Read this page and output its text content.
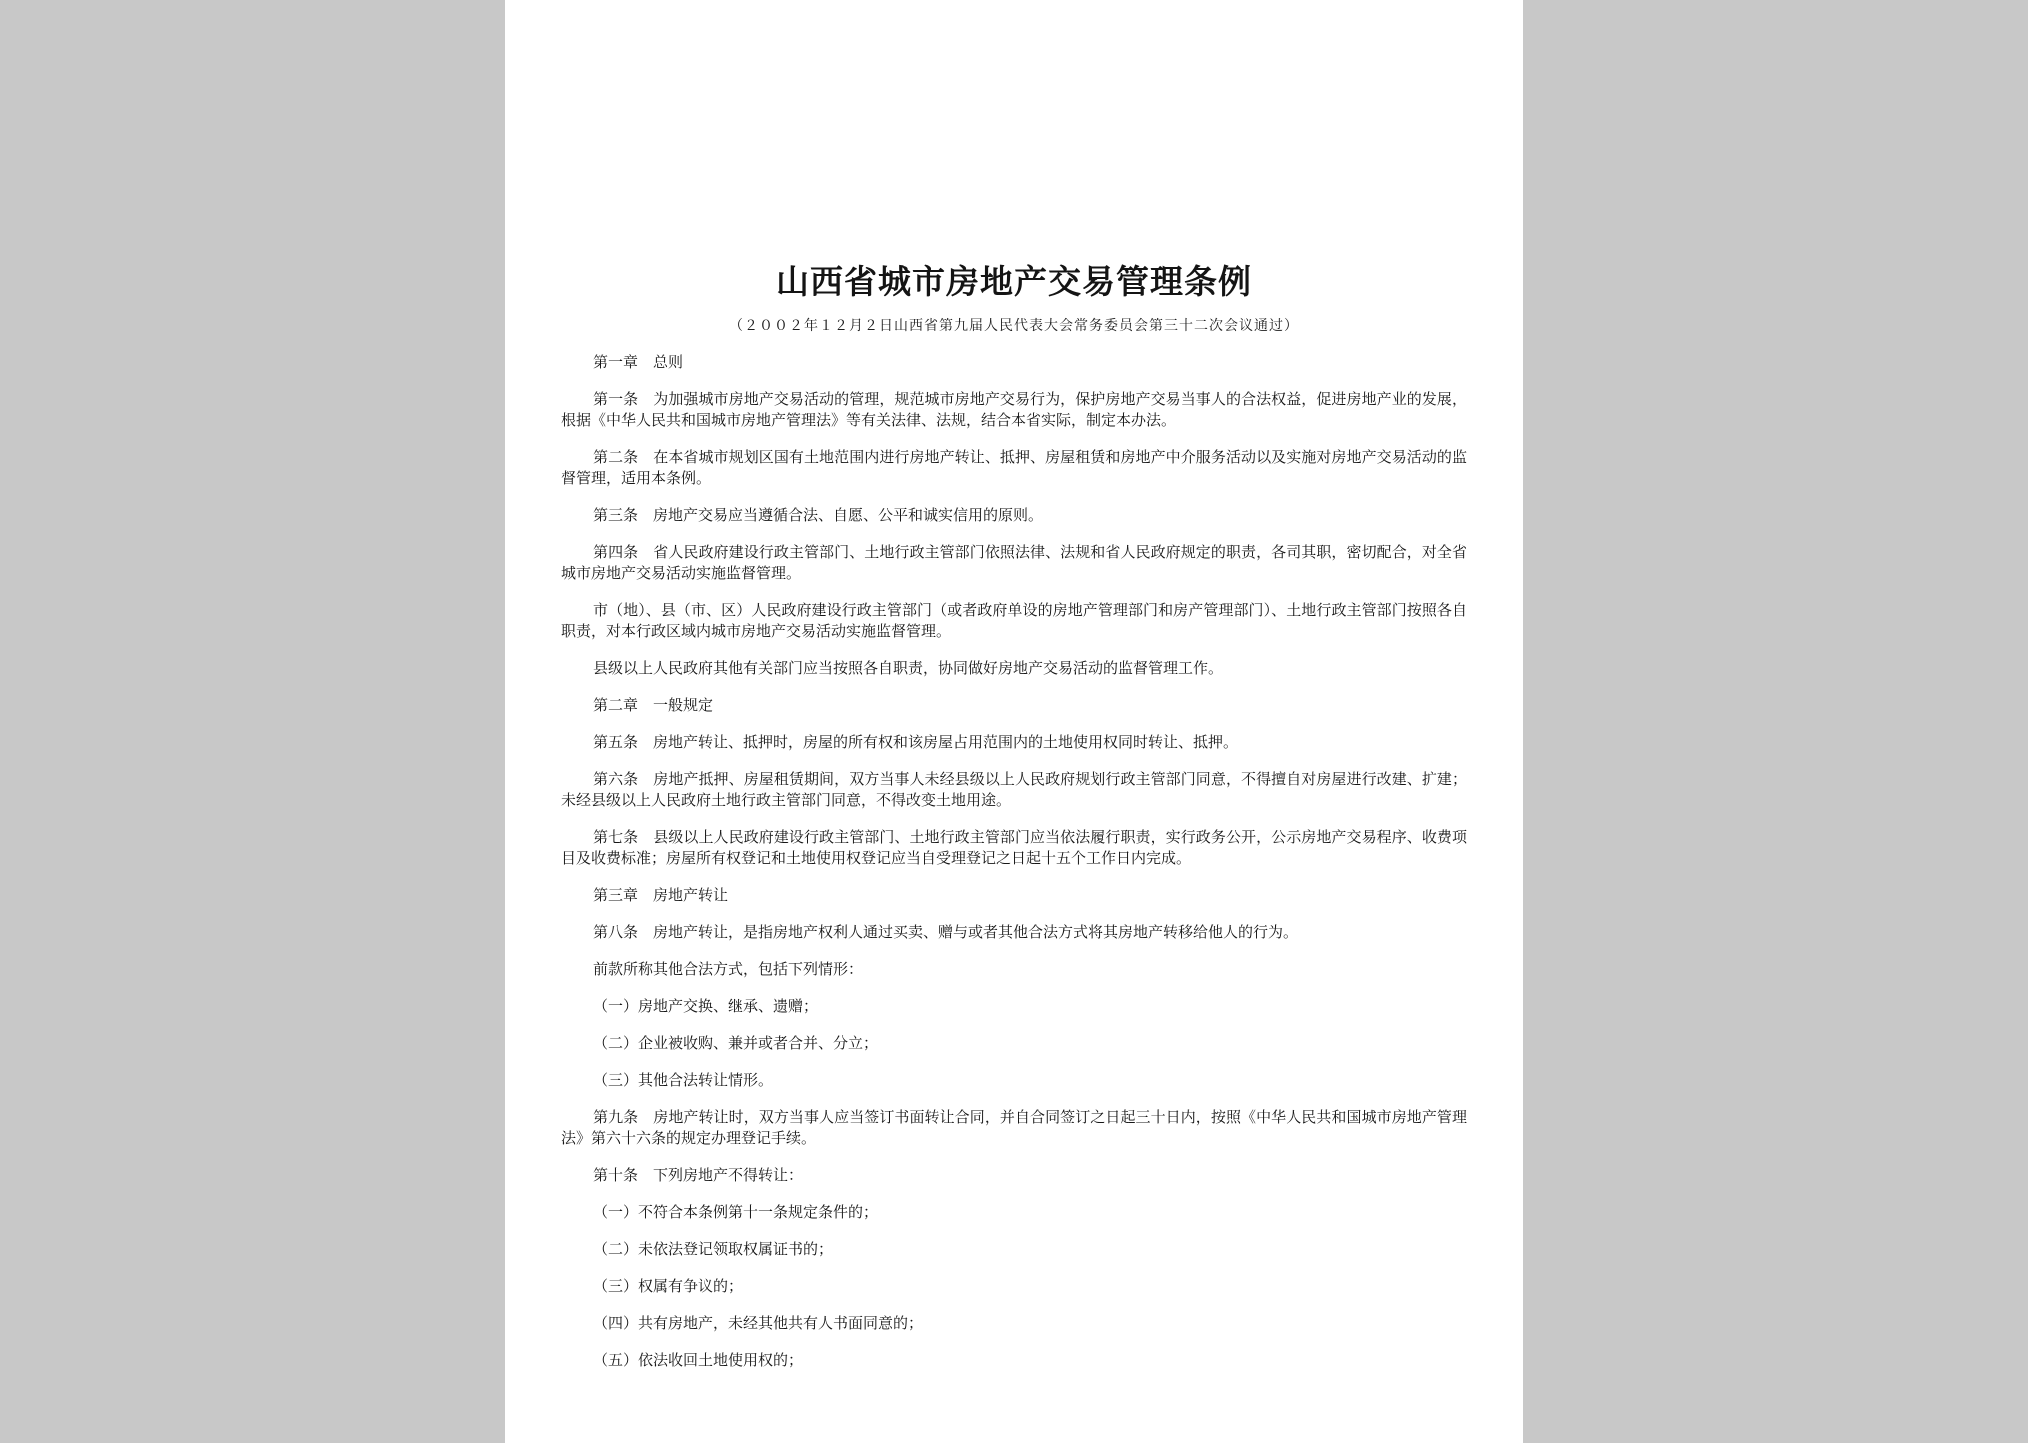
山西省城市房地产交易管理条例
（２００２年１２月２日山西省第九届人民代表大会常务委员会第三十二次会议通过）

第一章　总则

第一条　为加强城市房地产交易活动的管理，规范城市房地产交易行为，保护房地产交易当事人的合法权益，促进房地产业的发展，根据《中华人民共和国城市房地产管理法》等有关法律、法规，结合本省实际，制定本办法。

第二条　在本省城市规划区国有土地范围内进行房地产转让、抵押、房屋租赁和房地产中介服务活动以及实施对房地产交易活动的监督管理，适用本条例。

第三条　房地产交易应当遵循合法、自愿、公平和诚实信用的原则。

第四条　省人民政府建设行政主管部门、土地行政主管部门依照法律、法规和省人民政府规定的职责，各司其职，密切配合，对全省城市房地产交易活动实施监督管理。

市（地）、县（市、区）人民政府建设行政主管部门（或者政府单设的房地产管理部门和房产管理部门）、土地行政主管部门按照各自职责，对本行政区域内城市房地产交易活动实施监督管理。

县级以上人民政府其他有关部门应当按照各自职责，协同做好房地产交易活动的监督管理工作。

第二章　一般规定

第五条　房地产转让、抵押时，房屋的所有权和该房屋占用范围内的土地使用权同时转让、抵押。

第六条　房地产抵押、房屋租赁期间，双方当事人未经县级以上人民政府规划行政主管部门同意，不得擅自对房屋进行改建、扩建；未经县级以上人民政府土地行政主管部门同意，不得改变土地用途。

第七条　县级以上人民政府建设行政主管部门、土地行政主管部门应当依法履行职责，实行政务公开，公示房地产交易程序、收费项目及收费标准；房屋所有权登记和土地使用权登记应当自受理登记之日起十五个工作日内完成。

第三章　房地产转让

第八条　房地产转让，是指房地产权利人通过买卖、赠与或者其他合法方式将其房地产转移给他人的行为。

前款所称其他合法方式，包括下列情形：

（一）房地产交换、继承、遗赠；

（二）企业被收购、兼并或者合并、分立；

（三）其他合法转让情形。

第九条　房地产转让时，双方当事人应当签订书面转让合同，并自合同签订之日起三十日内，按照《中华人民共和国城市房地产管理法》第六十六条的规定办理登记手续。

第十条　下列房地产不得转让：

（一）不符合本条例第十一条规定条件的；

（二）未依法登记领取权属证书的；

（三）权属有争议的；

（四）共有房地产，未经其他共有人书面同意的；

（五）依法收回土地使用权的；
